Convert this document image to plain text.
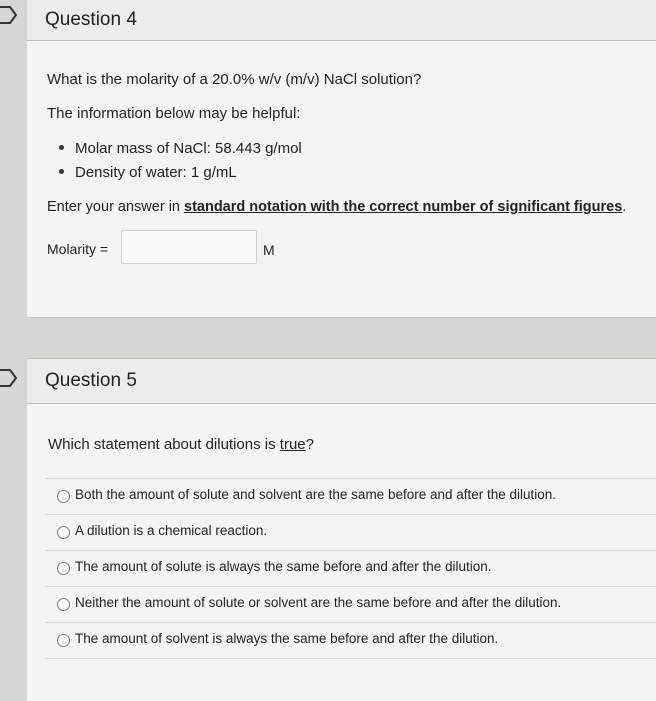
Question 4
What is the molarity of a 20.0% w/v (m/v) NaCl solution?
The information below may be helpful:
Molar mass of NaCl: 58.443 g/mol
Density of water: 1 g/mL
Enter your answer in standard notation with the correct number of significant figures.
Molarity =	M
Question 5
Which statement about dilutions is true?
Both the amount of solute and solvent are the same before and after the dilution.
A dilution is a chemical reaction.
The amount of solute is always the same before and after the dilution.
Neither the amount of solute or solvent are the same before and after the dilution.
The amount of solvent is always the same before and after the dilution.
